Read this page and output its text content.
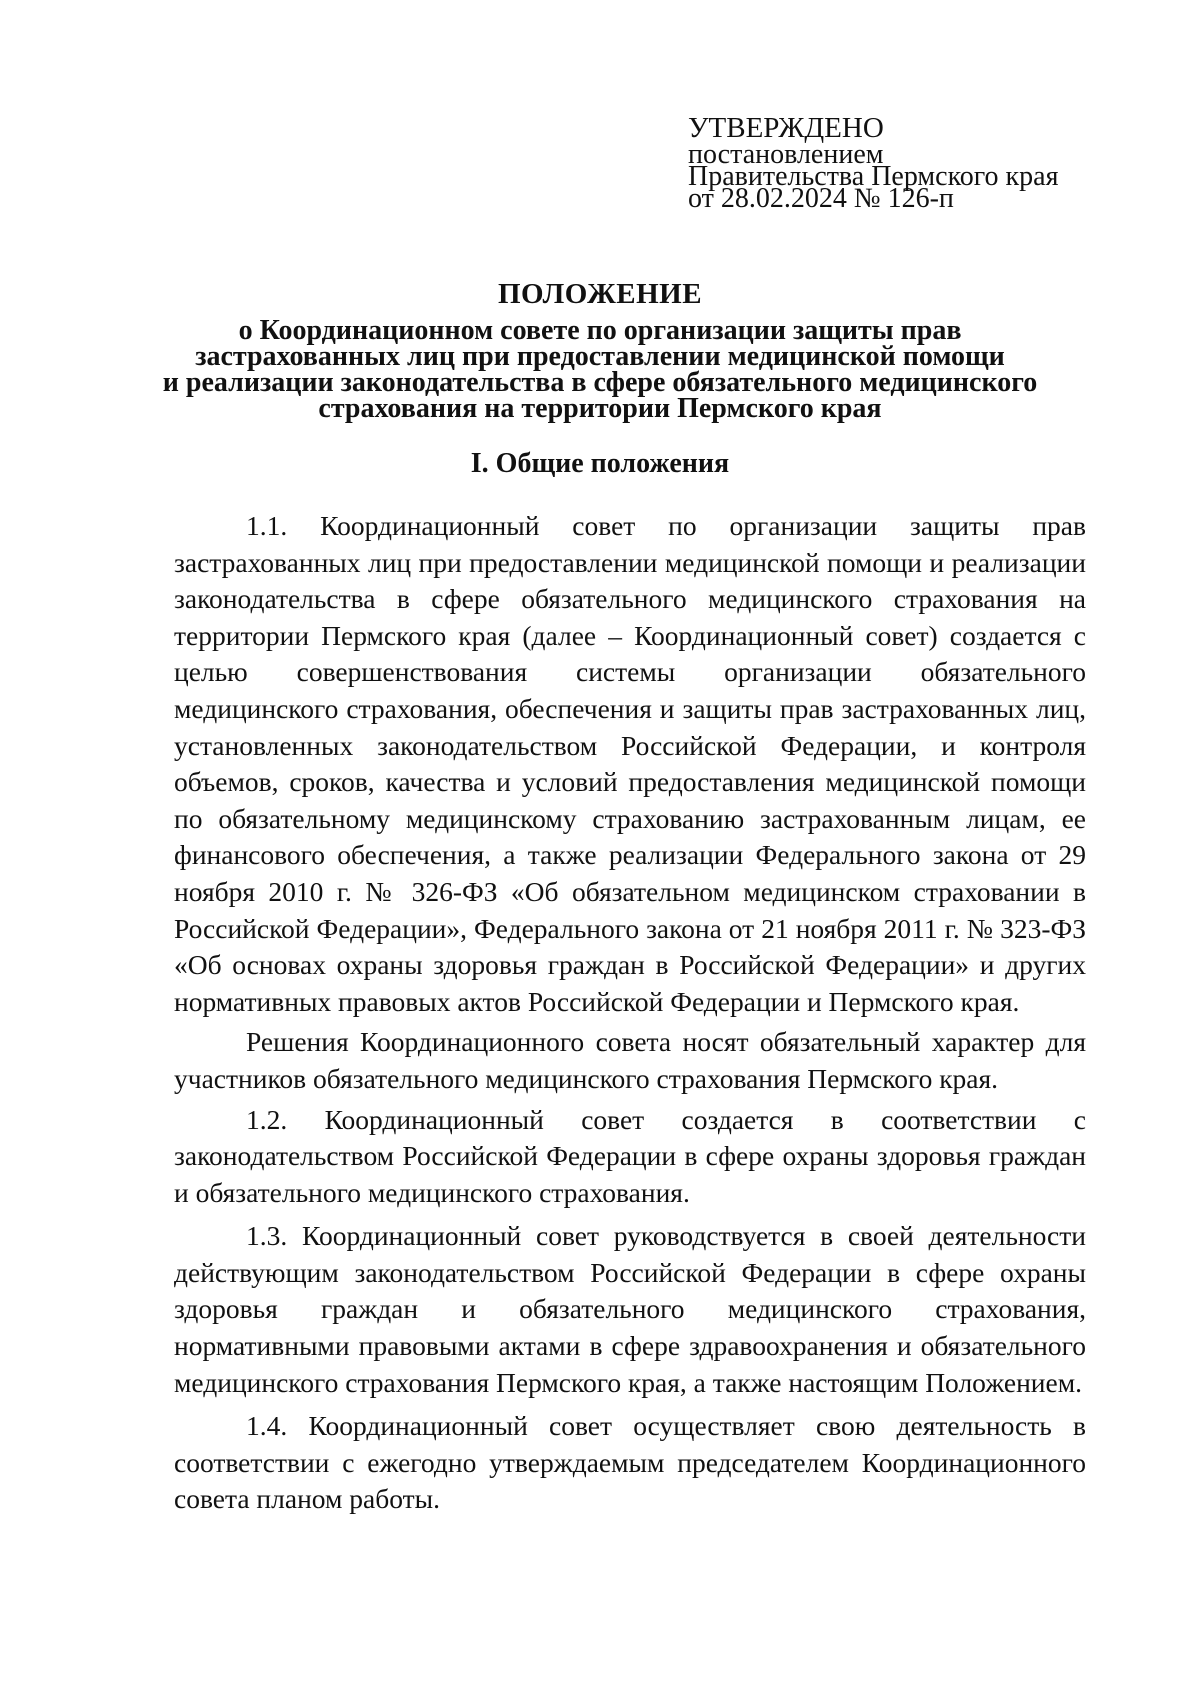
УТВЕРЖДЕНО
постановлением
Правительства Пермского края
от 28.02.2024 № 126-п
ПОЛОЖЕНИЕ
о Координационном совете по организации защиты прав
застрахованных лиц при предоставлении медицинской помощи
и реализации законодательства в сфере обязательного медицинского
страхования на территории Пермского края
I. Общие положения

1.1. Координационный совет по организации защиты прав застрахованных лиц при предоставлении медицинской помощи и реализации законодательства в сфере обязательного медицинского страхования на территории Пермского края (далее – Координационный совет) создается с целью совершенствования системы организации обязательного медицинского страхования, обеспечения и защиты прав застрахованных лиц, установленных законодательством Российской Федерации, и контроля объемов, сроков, качества и условий предоставления медицинской помощи по обязательному медицинскому страхованию застрахованным лицам, ее финансового обеспечения, а также реализации Федерального закона от 29 ноября 2010 г. № 326-ФЗ «Об обязательном медицинском страховании в Российской Федерации», Федерального закона от 21 ноября 2011 г. № 323-ФЗ «Об основах охраны здоровья граждан в Российской Федерации» и других нормативных правовых актов Российской Федерации и Пермского края.

Решения Координационного совета носят обязательный характер для участников обязательного медицинского страхования Пермского края.

1.2. Координационный совет создается в соответствии с законодательством Российской Федерации в сфере охраны здоровья граждан и обязательного медицинского страхования.

1.3. Координационный совет руководствуется в своей деятельности действующим законодательством Российской Федерации в сфере охраны здоровья граждан и обязательного медицинского страхования, нормативными правовыми актами в сфере здравоохранения и обязательного медицинского страхования Пермского края, а также настоящим Положением.

1.4. Координационный совет осуществляет свою деятельность в соответствии с ежегодно утверждаемым председателем Координационного совета планом работы.
